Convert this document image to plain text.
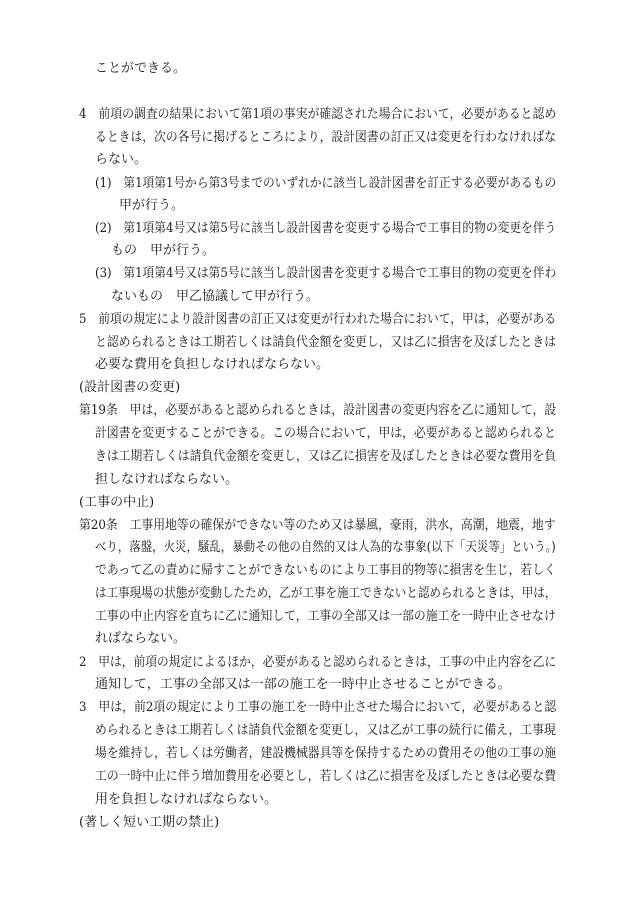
ことができる。

4　前項の調査の結果において第1項の事実が確認された場合において，必要があると認め

るときは，次の各号に掲げるところにより，設計図書の訂正又は変更を行わなければな

らない。

(1)　第1項第1号から第3号までのいずれかに該当し設計図書を訂正する必要があるもの

甲が行う。

(2)　第1項第4号又は第5号に該当し設計図書を変更する場合で工事目的物の変更を伴う

もの　甲が行う。

(3)　第1項第4号又は第5号に該当し設計図書を変更する場合で工事目的物の変更を伴わ

ないもの　甲乙協議して甲が行う。

5　前項の規定により設計図書の訂正又は変更が行われた場合において，甲は，必要がある

と認められるときは工期若しくは請負代金額を変更し，又は乙に損害を及ぼしたときは

必要な費用を負担しなければならない。

(設計図書の変更)

第19条　甲は，必要があると認められるときは，設計図書の変更内容を乙に通知して，設

計図書を変更することができる。この場合において，甲は，必要があると認められると

きは工期若しくは請負代金額を変更し，又は乙に損害を及ぼしたときは必要な費用を負

担しなければならない。

(工事の中止)

第20条　工事用地等の確保ができない等のため又は暴風，豪雨，洪水，高潮，地震，地す

べり，落盤，火災，騒乱，暴動その他の自然的又は人為的な事象(以下「天災等」という。)

であって乙の責めに帰すことができないものにより工事目的物等に損害を生じ，若しく

は工事現場の状態が変動したため，乙が工事を施工できないと認められるときは，甲は，

工事の中止内容を直ちに乙に通知して，工事の全部又は一部の施工を一時中止させなけ

ればならない。

2　甲は，前項の規定によるほか，必要があると認められるときは，工事の中止内容を乙に

通知して，工事の全部又は一部の施工を一時中止させることができる。

3　甲は，前2項の規定により工事の施工を一時中止させた場合において，必要があると認

められるときは工期若しくは請負代金額を変更し，又は乙が工事の続行に備え，工事現

場を維持し，若しくは労働者，建設機械器具等を保持するための費用その他の工事の施

工の一時中止に伴う増加費用を必要とし，若しくは乙に損害を及ぼしたときは必要な費

用を負担しなければならない。

(著しく短い工期の禁止)
